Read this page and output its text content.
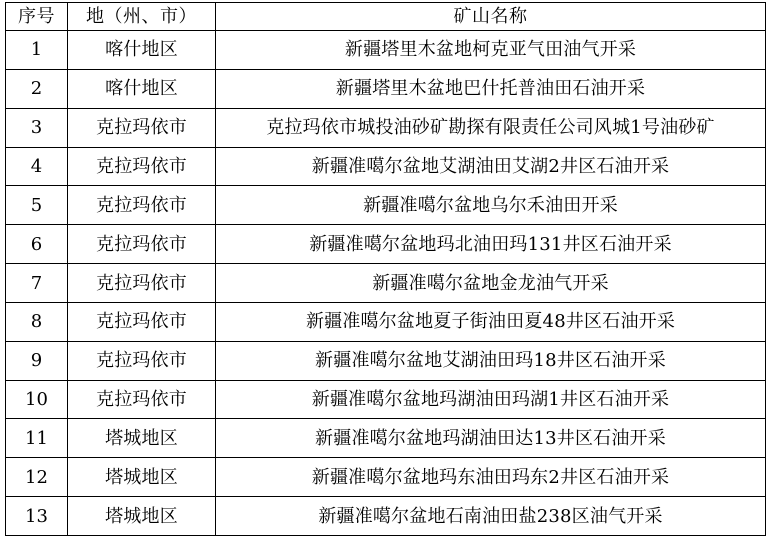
序号	地（州、市）	矿山名称
1	喀什地区	新疆塔里木盆地柯克亚气田油气开采
2	喀什地区	新疆塔里木盆地巴什托普油田石油开采
3	克拉玛依市	克拉玛依市城投油砂矿勘探有限责任公司风城1号油砂矿
4	克拉玛依市	新疆准噶尔盆地艾湖油田艾湖2井区石油开采
5	克拉玛依市	新疆准噶尔盆地乌尔禾油田开采
6	克拉玛依市	新疆准噶尔盆地玛北油田玛131井区石油开采
7	克拉玛依市	新疆准噶尔盆地金龙油气开采
8	克拉玛依市	新疆准噶尔盆地夏子街油田夏48井区石油开采
9	克拉玛依市	新疆准噶尔盆地艾湖油田玛18井区石油开采
10	克拉玛依市	新疆准噶尔盆地玛湖油田玛湖1井区石油开采
11	塔城地区	新疆准噶尔盆地玛湖油田达13井区石油开采
12	塔城地区	新疆准噶尔盆地玛东油田玛东2井区石油开采
13	塔城地区	新疆准噶尔盆地石南油田盐238区油气开采
